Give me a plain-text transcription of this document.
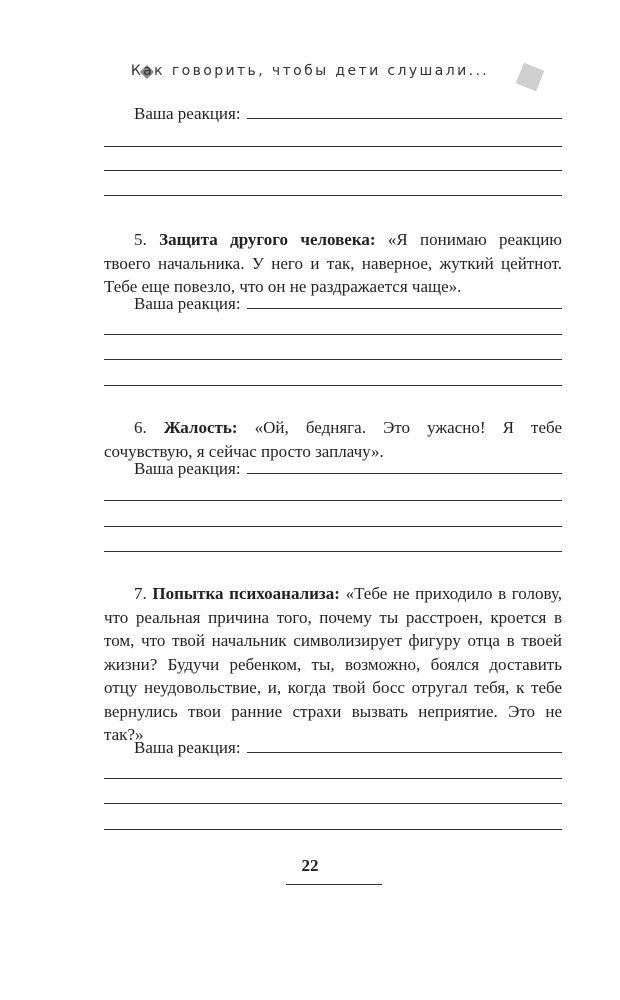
Как говорить, чтобы дети слушали...
Ваша реакция:
5. Защита другого человека: «Я понимаю реакцию твоего начальника. У него и так, наверное, жуткий цейтнот. Тебе еще повезло, что он не раздражается чаще».
Ваша реакция:
6. Жалость: «Ой, бедняга. Это ужасно! Я тебе сочувствую, я сейчас просто заплачу».
Ваша реакция:
7. Попытка психоанализа: «Тебе не приходило в голову, что реальная причина того, почему ты расстроен, кроется в том, что твой начальник символизирует фигуру отца в твоей жизни? Будучи ребенком, ты, возможно, боялся доставить отцу неудовольствие, и, когда твой босс отругал тебя, к тебе вернулись твои ранние страхи вызвать неприятие. Это не так?»
Ваша реакция:
22
